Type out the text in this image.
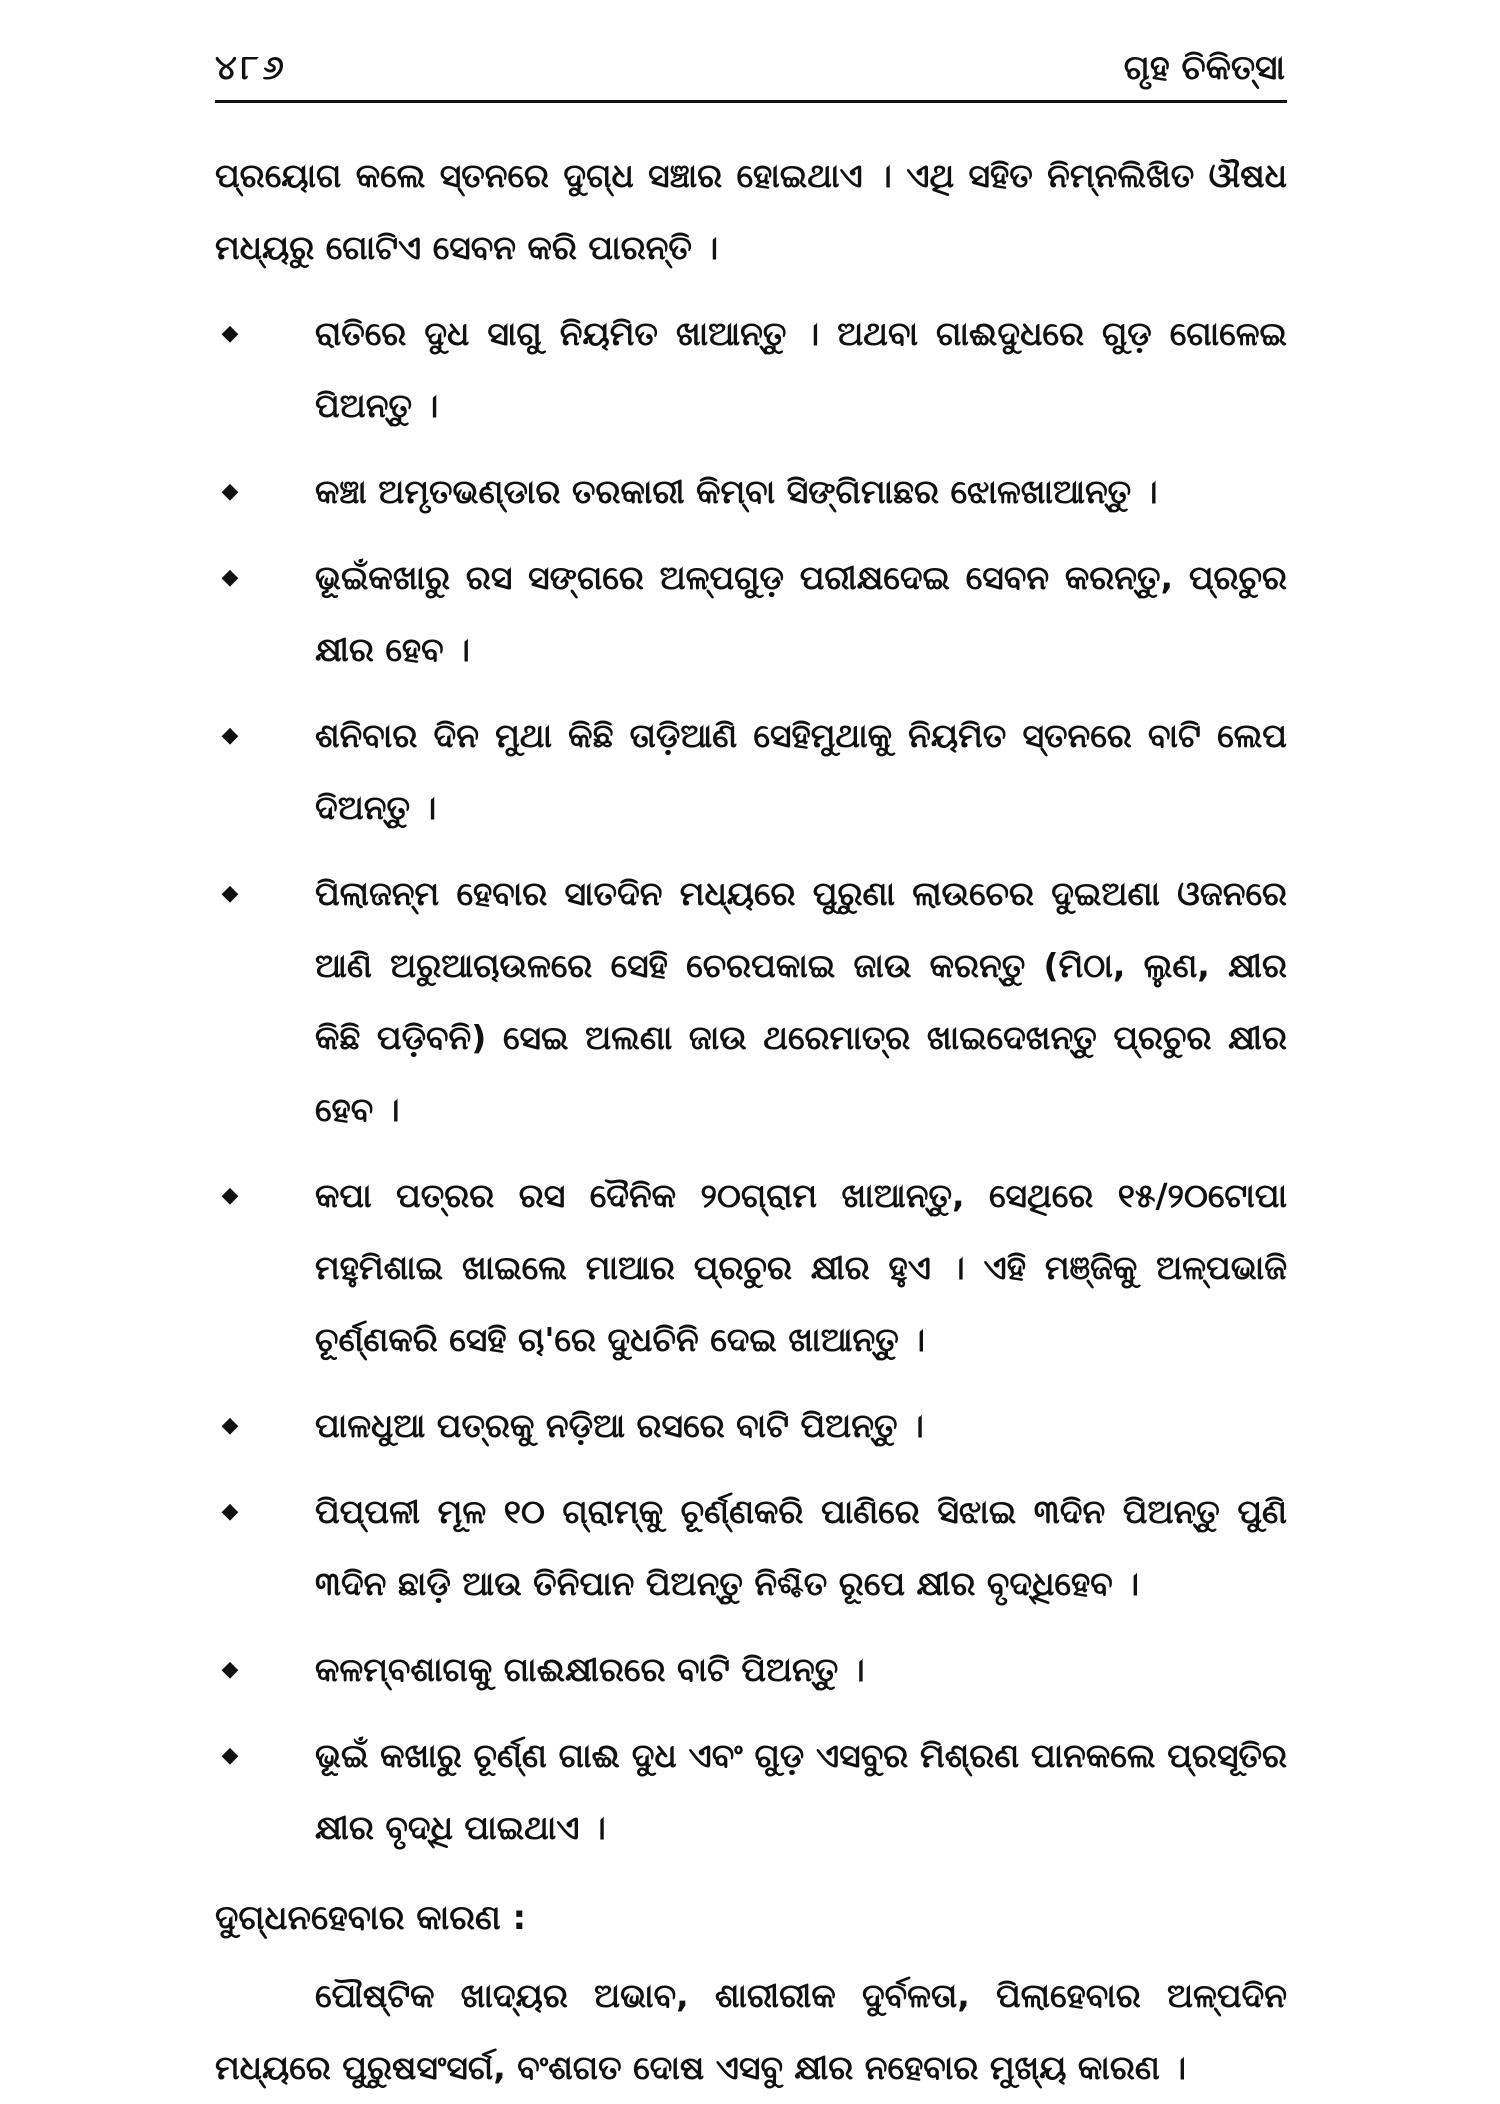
୪୮୬	ଗୃହ ଚିକିତ୍ସା

ପ୍ରୟୋଗ କଲେ ସ୍ତନରେ ଦୁଗ୍ଧ ସଞ୍ଚାର ହୋଇଥାଏ । ଏଥି ସହିତ ନିମ୍ନଲିଖିତ ଔଷଧ ମଧ୍ୟରୁ ଗୋଟିଏ ସେବନ କରି ପାରନ୍ତି ।

◆ ରାତିରେ ଦୁଧ ସାଗୁ ନିୟମିତ ଖାଆନ୍ତୁ । ଅଥବା ଗାଈଦୁଧରେ ଗୁଡ଼ ଗୋଳେଇ ପିଅନ୍ତୁ ।
◆ କଞ୍ଚା ଅମୃତଭଣ୍ଡାର ତରକାରୀ କିମ୍ବା ସିଙ୍ଗିମାଛର ଝୋଳଖାଆନ୍ତୁ ।
◆ ଭୂଇଁକଖାରୁ ରସ ସଙ୍ଗରେ ଅଳ୍ପଗୁଡ଼ ପରୀକ୍ଷଦେଇ ସେବନ କରନ୍ତୁ, ପ୍ରଚୁର କ୍ଷୀର ହେବ ।
◆ ଶନିବାର ଦିନ ମୁଥା କିଛି ତାଡ଼ିଆଣି ସେହିମୁଥାକୁ ନିୟମିତ ସ୍ତନରେ ବାଟି ଲେପ ଦିଅନ୍ତୁ ।
◆ ପିଲାଜନ୍ମ ହେବାର ସାତଦିନ ମଧ୍ୟରେ ପୁରୁଣା ଲାଉଚେର ଦୁଇଅଣା ଓଜନରେ ଆଣି ଅରୁଆଚାଉଳରେ ସେହି ଚେରପକାଇ ଜାଉ କରନ୍ତୁ (ମିଠା, ଲୁଣ, କ୍ଷୀର କିଛି ପଡ଼ିବନି) ସେଇ ଅଲଣା ଜାଉ ଥରେମାତ୍ର ଖାଇଦେଖନ୍ତୁ ପ୍ରଚୁର କ୍ଷୀର ହେବ ।
◆ କପା ପତ୍ରର ରସ ଦୈନିକ ୨୦ଗ୍ରାମ ଖାଆନ୍ତୁ, ସେଥିରେ ୧୫/୨୦ଟୋପା ମହୁମିଶାଇ ଖାଇଲେ ମାଆର ପ୍ରଚୁର କ୍ଷୀର ହୁଏ । ଏହି ମଞ୍ଜିକୁ ଅଳ୍ପଭାଜି ଚୂର୍ଣ୍ଣକରି ସେହି ଚା'ରେ ଦୁଧଚିନି ଦେଇ ଖାଆନ୍ତୁ ।
◆ ପାଳଧୁଆ ପତ୍ରକୁ ନଡ଼ିଆ ରସରେ ବାଟି ପିଅନ୍ତୁ ।
◆ ପିପ୍ପଳୀ ମୂଳ ୧୦ ଗ୍ରାମ୍‌କୁ ଚୂର୍ଣ୍ଣକରି ପାଣିରେ ସିଝାଇ ୩ଦିନ ପିଅନ୍ତୁ ପୁଣି ୩ଦିନ ଛାଡ଼ି ଆଉ ତିନିପାନ ପିଅନ୍ତୁ ନିଶ୍ଚିତ ରୂପେ କ୍ଷୀର ବୃଦ୍ଧିହେବ ।
◆ କଳମ୍ବଶାଗକୁ ଗାଈକ୍ଷୀରରେ ବାଟି ପିଅନ୍ତୁ ।
◆ ଭୂଇଁ କଖାରୁ ଚୂର୍ଣ୍ଣ ଗାଈ ଦୁଧ ଏବଂ ଗୁଡ଼ ଏସବୁର ମିଶ୍ରଣ ପାନକଲେ ପ୍ରସୂତିର କ୍ଷୀର ବୃଦ୍ଧି ପାଇଥାଏ ।
ଦୁଗ୍ଧନହେବାର କାରଣ :

ପୌଷ୍ଟିକ ଖାଦ୍ୟର ଅଭାବ, ଶାରୀରୀକ ଦୁର୍ବଳତା, ପିଲାହେବାର ଅଳ୍ପଦିନ ମଧ୍ୟରେ ପୁରୁଷସଂସର୍ଗ, ବଂଶଗତ ଦୋଷ ଏସବୁ କ୍ଷୀର ନହେବାର ମୁଖ୍ୟ କାରଣ ।
